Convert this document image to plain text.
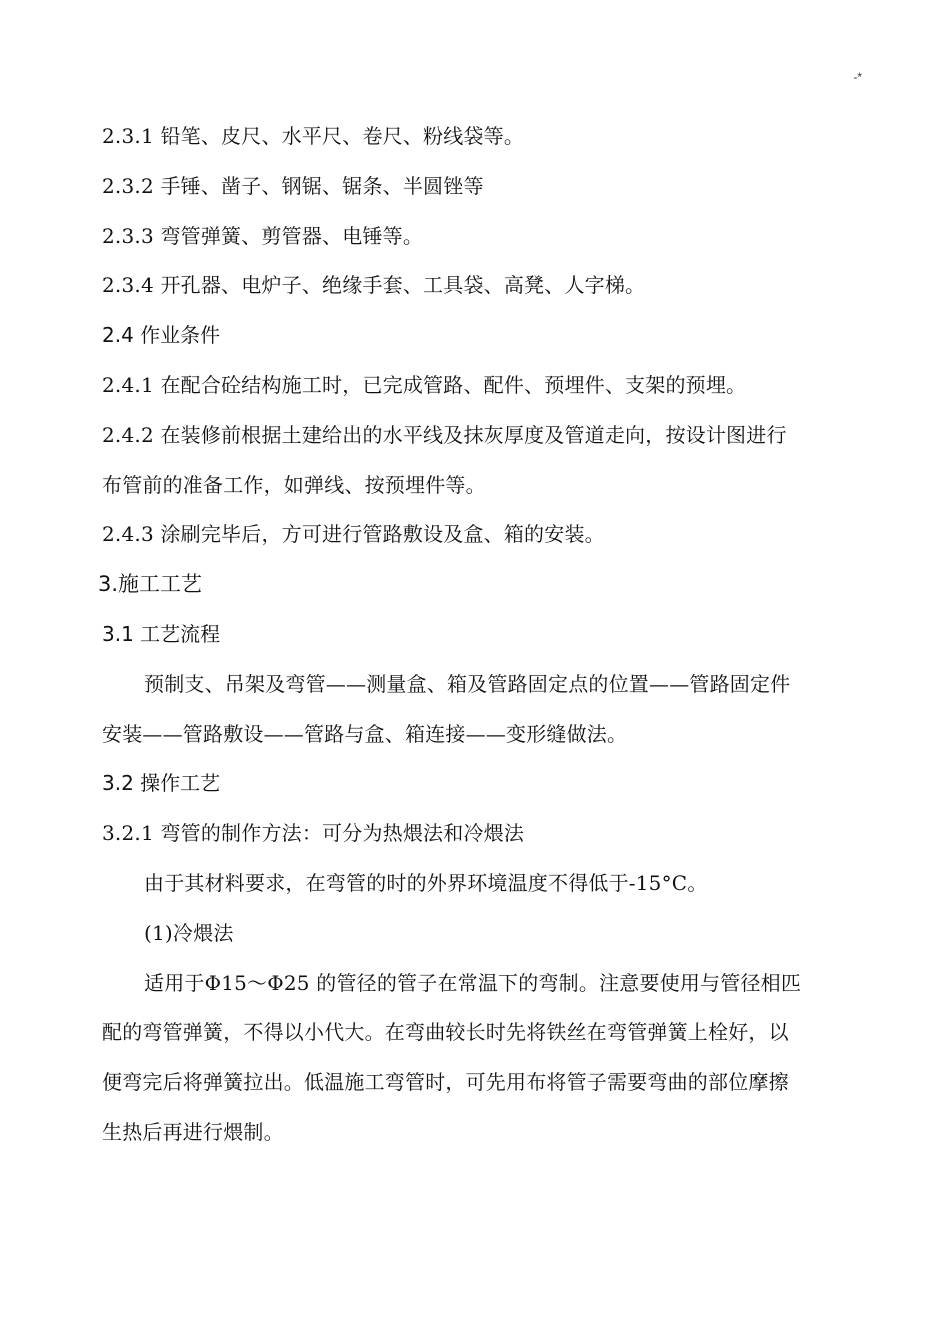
-*
2.3.1 铅笔、皮尺、水平尺、卷尺、粉线袋等。
2.3.2 手锤、凿子、钢锯、锯条、半圆锉等
2.3.3 弯管弹簧、剪管器、电锤等。
2.3.4 开孔器、电炉子、绝缘手套、工具袋、高凳、人字梯。
2.4 作业条件
2.4.1 在配合砼结构施工时，已完成管路、配件、预埋件、支架的预埋。
2.4.2 在装修前根据土建给出的水平线及抹灰厚度及管道走向，按设计图进行
布管前的准备工作，如弹线、按预埋件等。
2.4.3 涂刷完毕后，方可进行管路敷设及盒、箱的安装。
3.施工工艺
3.1 工艺流程
预制支、吊架及弯管——测量盒、箱及管路固定点的位置——管路固定件
安装——管路敷设——管路与盒、箱连接——变形缝做法。
3.2 操作工艺
3.2.1 弯管的制作方法：可分为热煨法和冷煨法
由于其材料要求，在弯管的时的外界环境温度不得低于-15°C。
(1)冷煨法
适用于Φ15～Φ25 的管径的管子在常温下的弯制。注意要使用与管径相匹
配的弯管弹簧，不得以小代大。在弯曲较长时先将铁丝在弯管弹簧上栓好，以
便弯完后将弹簧拉出。低温施工弯管时，可先用布将管子需要弯曲的部位摩擦
生热后再进行煨制。
